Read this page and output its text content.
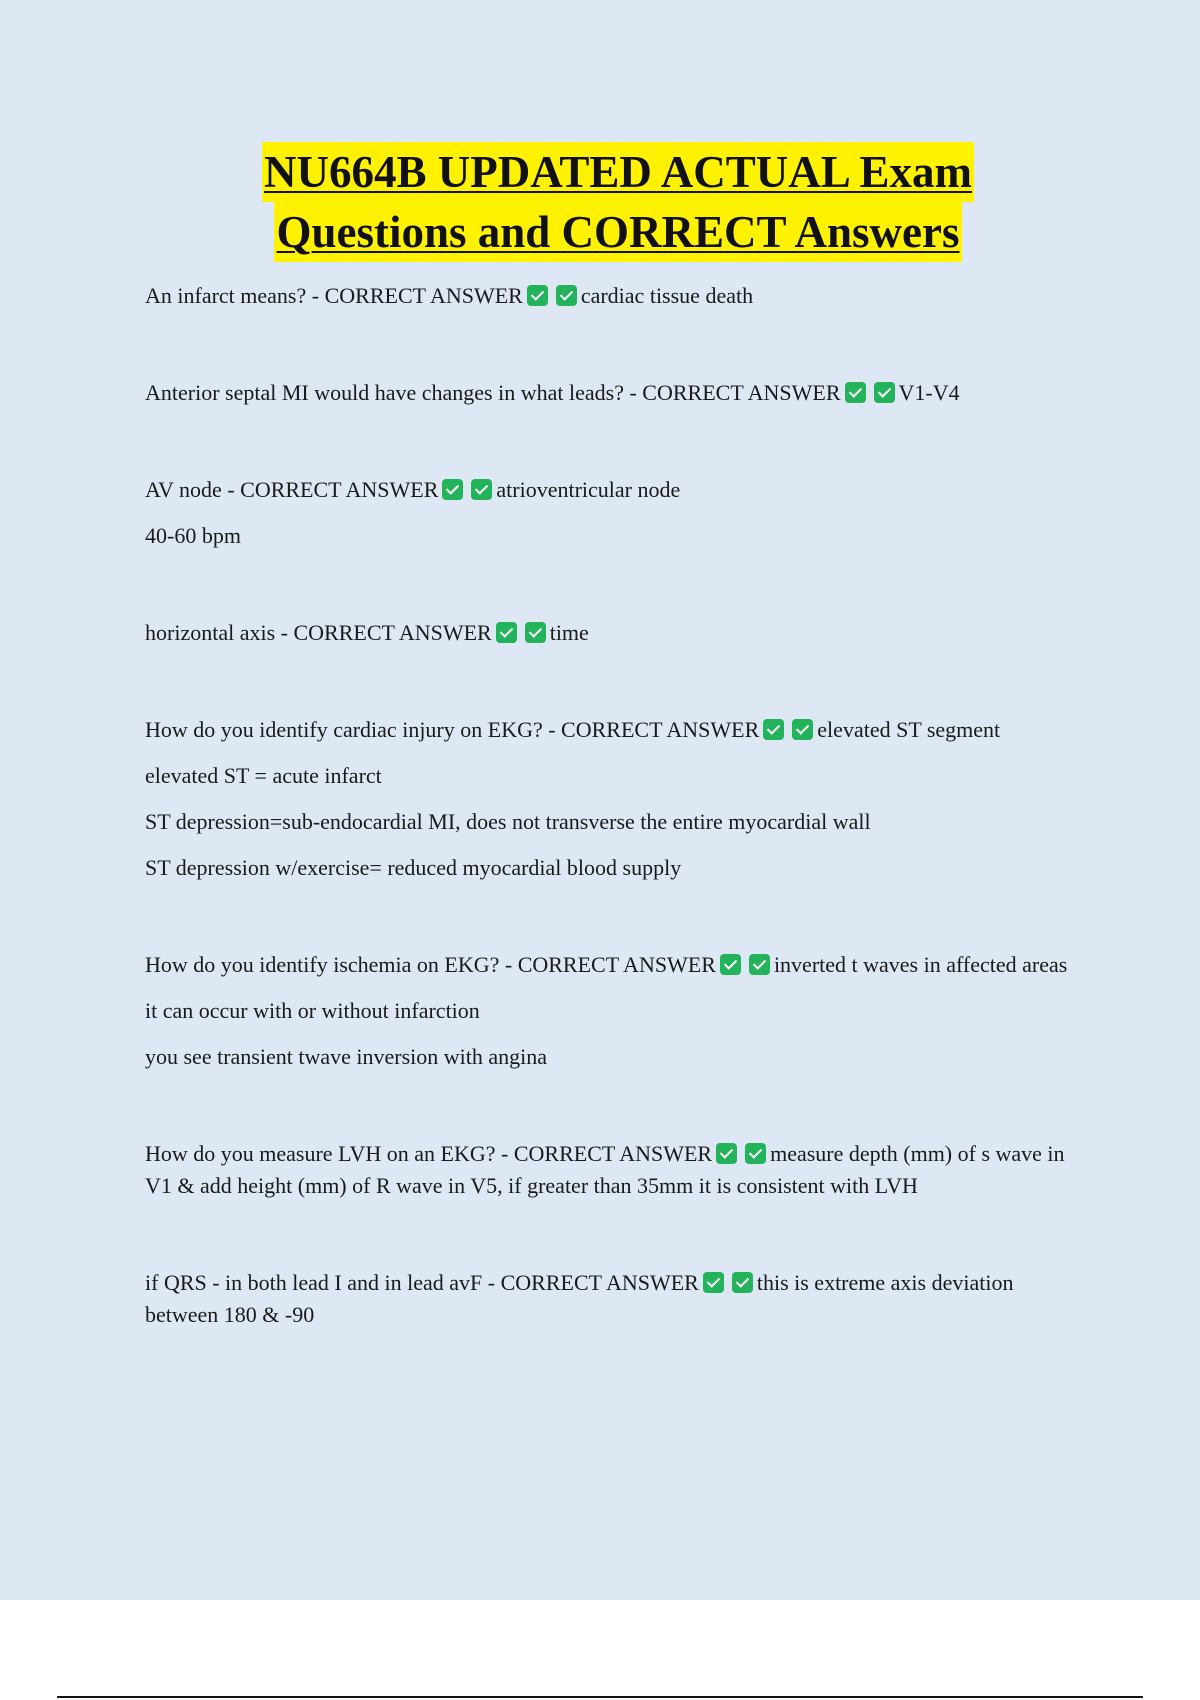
NU664B UPDATED ACTUAL Exam
Questions and CORRECT Answers

An infarct means? - CORRECT ANSWER	cardiac tissue death

Anterior septal MI would have changes in what leads? - CORRECT ANSWER	V1-V4

AV node - CORRECT ANSWER	atrioventricular node

40-60 bpm

horizontal axis - CORRECT ANSWER	time

How do you identify cardiac injury on EKG? - CORRECT ANSWER	elevated ST segment

elevated ST = acute infarct

ST depression=sub-endocardial MI, does not transverse the entire myocardial wall

ST depression w/exercise= reduced myocardial blood supply

How do you identify ischemia on EKG? - CORRECT ANSWER	inverted t waves in affected areas

it can occur with or without infarction

you see transient twave inversion with angina

How do you measure LVH on an EKG? - CORRECT ANSWER	measure depth (mm) of s wave in V1 & add height (mm) of R wave in V5, if greater than 35mm it is consistent with LVH

if QRS - in both lead I and in lead avF - CORRECT ANSWER	this is extreme axis deviation between 180 & -90
